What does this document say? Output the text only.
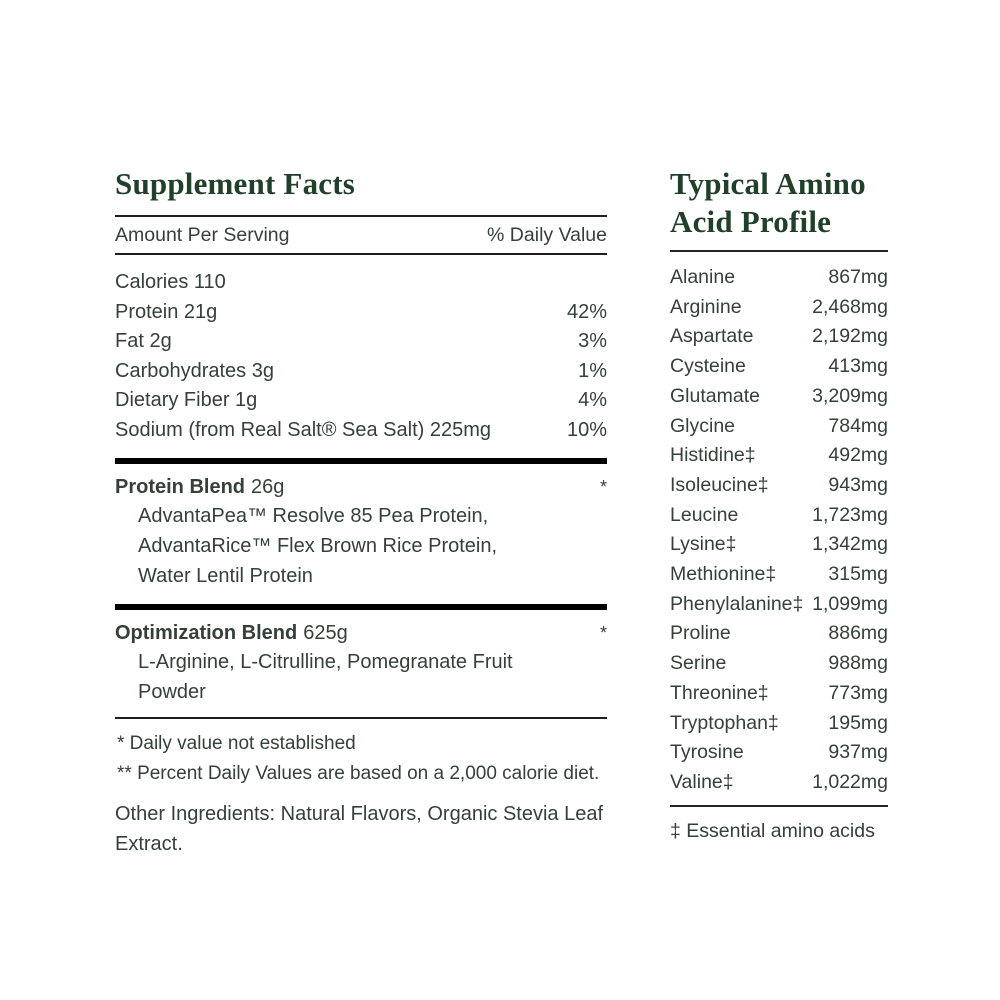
Supplement Facts
Amount Per Serving	% Daily Value
Calories 110
Protein 21g	42%
Fat 2g	3%
Carbohydrates 3g	1%
Dietary Fiber 1g	4%
Sodium (from Real Salt® Sea Salt) 225mg	10%
Protein Blend 26g	*
AdvantaPea™ Resolve 85 Pea Protein,
AdvantaRice™ Flex Brown Rice Protein,
Water Lentil Protein
Optimization Blend 625g	*
L-Arginine, L-Citrulline, Pomegranate Fruit
Powder
* Daily value not established
** Percent Daily Values are based on a 2,000 calorie diet.

Other Ingredients: Natural Flavors, Organic Stevia Leaf Extract.

Typical Amino Acid Profile
Alanine	867mg
Arginine	2,468mg
Aspartate	2,192mg
Cysteine	413mg
Glutamate	3,209mg
Glycine	784mg
Histidine‡	492mg
Isoleucine‡	943mg
Leucine	1,723mg
Lysine‡	1,342mg
Methionine‡	315mg
Phenylalanine‡ 1,099mg
Proline	886mg
Serine	988mg
Threonine‡	773mg
Tryptophan‡	195mg
Tyrosine	937mg
Valine‡	1,022mg
‡ Essential amino acids
